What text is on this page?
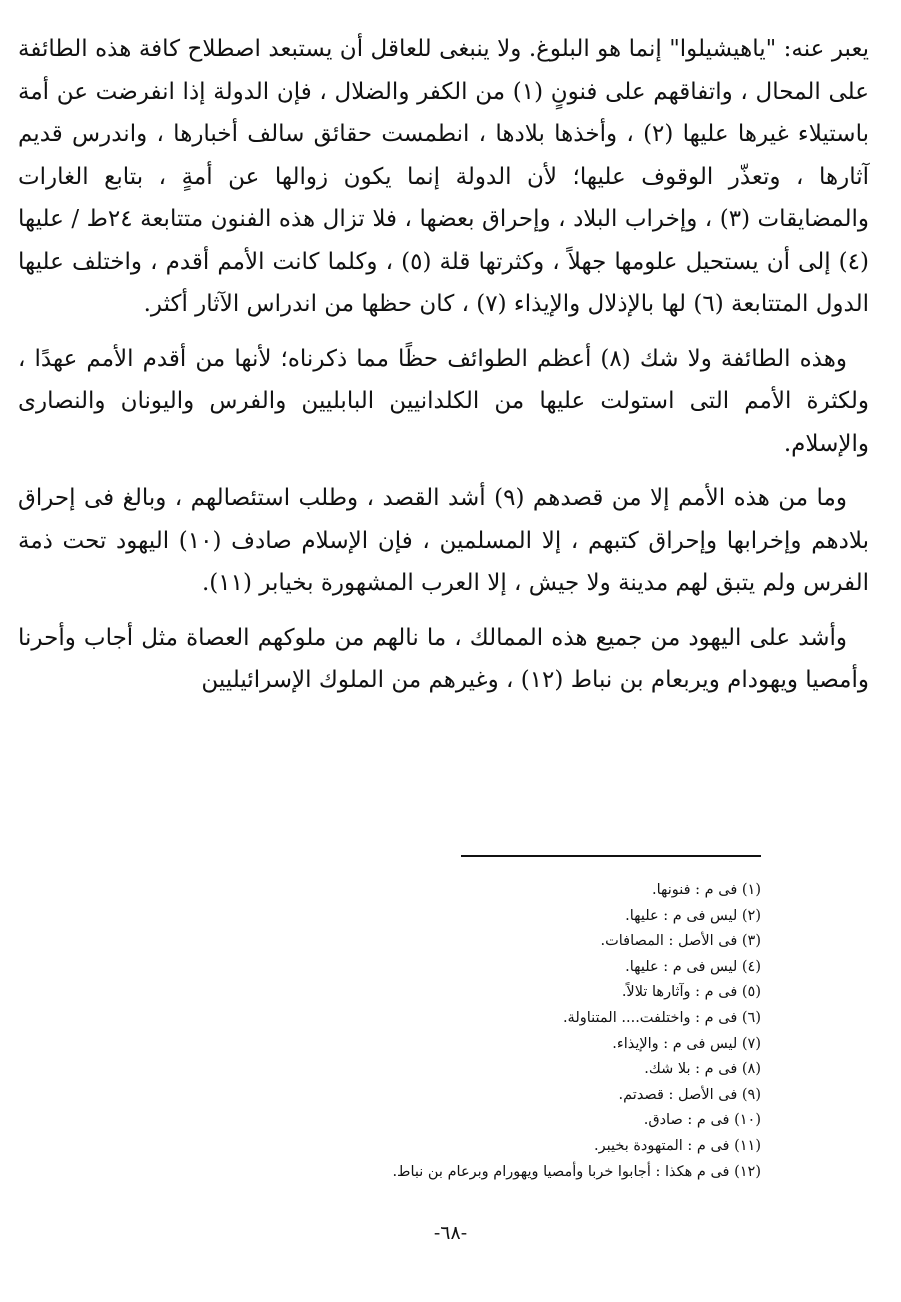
يعبر عنه: "ياهيشيلوا" إنما هو البلوغ. ولا ينبغى للعاقل أن يستبعد اصطلاح كافة هذه الطائفة على المحال ، واتفاقهم على فنونٍ (١) من الكفر والضلال ، فإن الدولة إذا انفرضت عن أمة باستيلاء غيرها عليها (٢) ، وأخذها بلادها ، انطمست حقائق سالف أخبارها ، واندرس قديم آثارها ، وتعذّر الوقوف عليها؛ لأن الدولة إنما يكون زوالها عن أمةٍ ، بتابع الغارات والمضايقات (٣) ، وإخراب البلاد ، وإحراق بعضها ، فلا تزال هذه الفنون متتابعة ٢٤ط / عليها (٤) إلى أن يستحيل علومها جهلاً ، وكثرتها قلة (٥) ، وكلما كانت الأمم أقدم ، واختلف عليها الدول المتتابعة (٦) لها بالإذلال والإيذاء (٧) ، كان حظها من اندراس الآثار أكثر.

وهذه الطائفة ولا شك (٨) أعظم الطوائف حظًا مما ذكرناه؛ لأنها من أقدم الأمم عهدًا ، ولكثرة الأمم التى استولت عليها من الكلدانيين البابليين والفرس واليونان والنصارى والإسلام.

وما من هذه الأمم إلا من قصدهم (٩) أشد القصد ، وطلب استئصالهم ، وبالغ فى إحراق بلادهم وإخرابها وإحراق كتبهم ، إلا المسلمين ، فإن الإسلام صادف (١٠) اليهود تحت ذمة الفرس ولم يتبق لهم مدينة ولا جيش ، إلا العرب المشهورة بخيابر (١١).

وأشد على اليهود من جميع هذه الممالك ، ما نالهم من ملوكهم العصاة مثل أجاب وأحرنا وأمصيا ويهودام ويربعام بن نباط (١٢) ، وغيرهم من الملوك الإسرائيليين

(١) فى م : فنونها.
(٢) ليس فى م : عليها.
(٣) فى الأصل : المصافات.
(٤) ليس فى م : عليها.
(٥) فى م : وآثارها تلالاً.
(٦) فى م : واختلفت.... المتناولة.
(٧) ليس فى م : والإيذاء.
(٨) فى م : بلا شك.
(٩) فى الأصل : قصدتم.
(١٠) فى م : صادق.
(١١) فى م : المتهودة بخيبر.
(١٢) فى م هكذا : أجابوا خربا وأمصيا ويهورام وبرعام بن نباط.
-٦٨-
